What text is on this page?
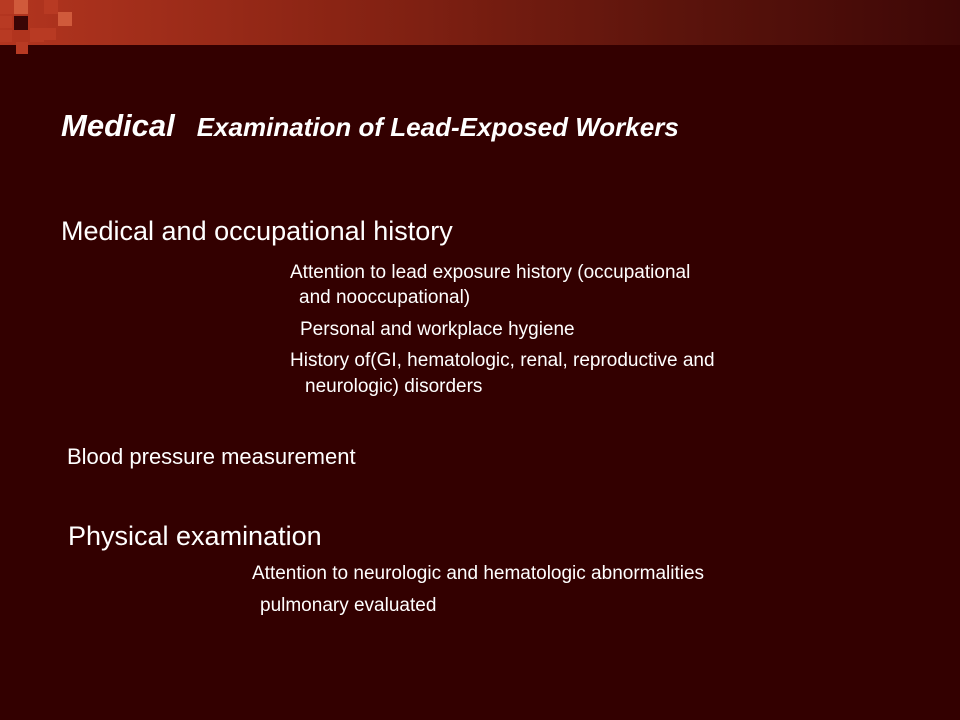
Medical Examination of Lead-Exposed Workers

Medical and occupational history

Attention to lead exposure history (occupational

and nooccupational)

Personal and workplace hygiene

History of(GI, hematologic, renal, reproductive and

neurologic) disorders

Blood pressure measurement

Physical examination

Attention to neurologic and hematologic abnormalities

pulmonary evaluated
